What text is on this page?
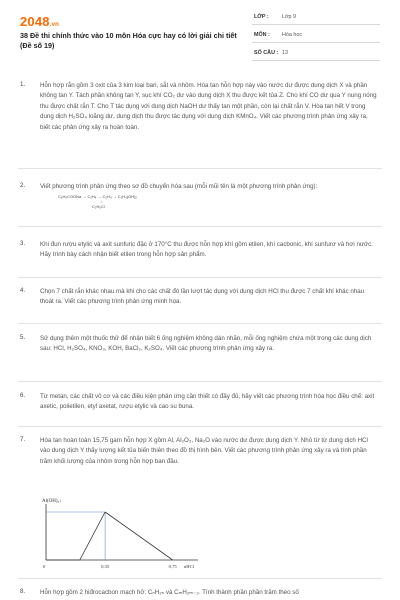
2048.vn
38 Đề thi chính thức vào 10 môn Hóa cực hay có lời giải chi tiết (Đề số 19)
LỚP : Lớp 9
MÔN : Hóa học
SỐ CÂU : 13
1. Hỗn hợp rắn gồm 3 oxit của 3 kim loại bari, sắt và nhôm. Hòa tan hỗn hợp này vào nước dư được dung dịch X và phần không tan Y. Tách phần không tan Y, sục khí CO₂ dư vào dung dịch X thu được kết tủa Z. Cho khí CO dư qua Y nung nóng thu được chất rắn T. Cho T tác dụng với dung dịch NaOH dư thấy tan một phần, còn lại chất rắn V. Hòa tan hết V trong dung dịch H₂SO₄ loãng dư, dung dịch thu được tác dụng với dung dịch KMnO₄. Viết các phương trình phản ứng xảy ra, biết các phản ứng xảy ra hoàn toàn.
2. Viết phương trình phản ứng theo sơ đồ chuyển hóa sau (mỗi mũi tên là một phương trình phản ứng):
C₆H₅COONa → C₂H₆ → C₂H₄ → C₂H₄(OH)₂
↓
C₂H₅Cl
3. Khi đun rượu etylic và axit sunfuric đặc ở 170°C thu được hỗn hợp khí gồm etilen, khí cacbonic, khí sunfurơ và hơi nước. Hãy trình bày cách nhận biết etilen trong hỗn hợp sản phẩm.
4. Chọn 7 chất rắn khác nhau mà khi cho các chất đó lần lượt tác dụng với dung dịch HCl thu được 7 chất khí khác nhau thoát ra. Viết các phương trình phản ứng minh họa.
5. Sử dụng thêm một thuốc thử để nhận biết 6 ống nghiệm không dán nhãn, mỗi ống nghiệm chứa một trong các dung dịch sau: HCl, H₂SO₄, KNO₃, KOH, BaCl₂, K₂SO₄. Viết các phương trình phản ứng xảy ra.
6. Từ metan, các chất vô cơ và các điều kiện phản ứng cần thiết có đầy đủ, hãy viết các phương trình hóa học điều chế: axit axetic, polietilen, etyl axetat, rượu etylic và cao su buna.
7. Hòa tan hoàn toàn 15,75 gam hỗn hợp X gồm Al, Al₂O₃, Na₂O vào nước dư được dung dịch Y. Nhỏ từ từ dung dịch HCl vào dung dịch Y thấy lượng kết tủa biến thiên theo đồ thị hình bên. Viết các phương trình phản ứng xảy ra và tính phần trăm khối lượng của nhôm trong hỗn hợp ban đầu.
Al(OH)₃↓
nHCl
0	0,35	0,75
8. Hỗn hợp gồm 2 hiđrocacbon mạch hở: CₙH₂ₙ và CₘH₂ₘ₋₂. Tính thành phần phần trăm theo số
